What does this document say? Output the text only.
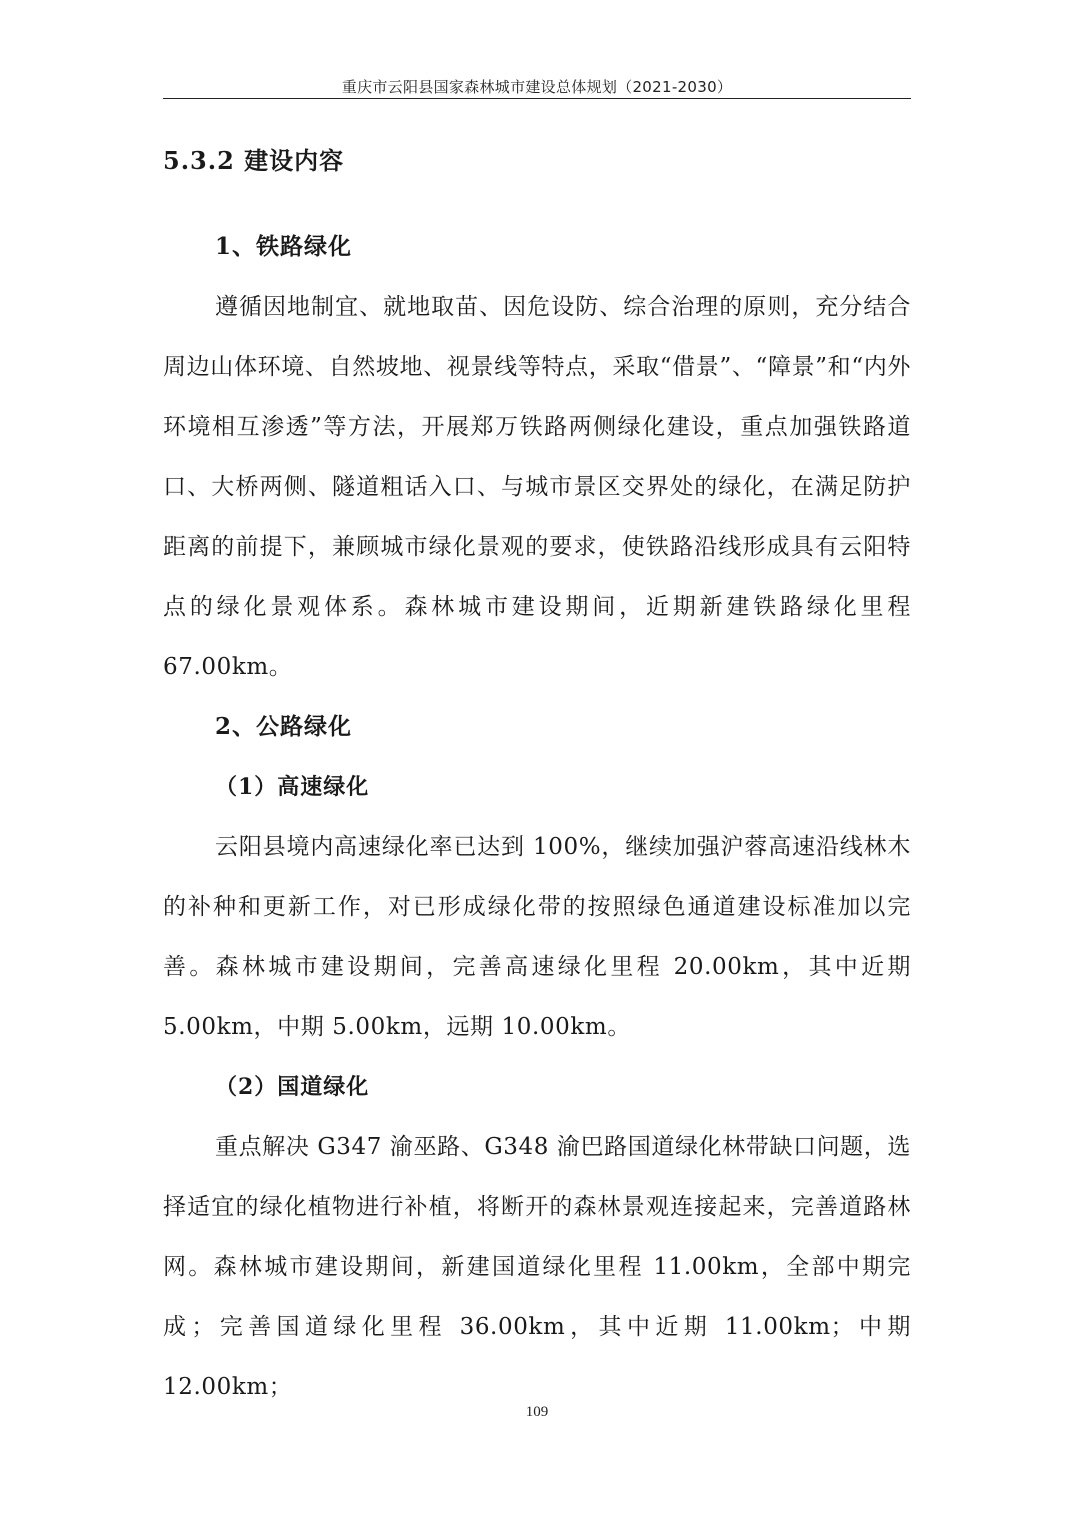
重庆市云阳县国家森林城市建设总体规划（2021-2030）
5.3.2 建设内容
1、铁路绿化

遵循因地制宜、就地取苗、因危设防、综合治理的原则，充分结合周边山体环境、自然坡地、视景线等特点，采取“借景”、“障景”和“内外环境相互渗透”等方法，开展郑万铁路两侧绿化建设，重点加强铁路道口、大桥两侧、隧道粗话入口、与城市景区交界处的绿化，在满足防护距离的前提下，兼顾城市绿化景观的要求，使铁路沿线形成具有云阳特点的绿化景观体系。森林城市建设期间，近期新建铁路绿化里程 67.00km。

2、公路绿化
（1）高速绿化

云阳县境内高速绿化率已达到 100%，继续加强沪蓉高速沿线林木的补种和更新工作，对已形成绿化带的按照绿色通道建设标准加以完善。森林城市建设期间，完善高速绿化里程 20.00km，其中近期 5.00km，中期 5.00km，远期 10.00km。

（2）国道绿化

重点解决 G347 渝巫路、G348 渝巴路国道绿化林带缺口问题，选择适宜的绿化植物进行补植，将断开的森林景观连接起来，完善道路林网。森林城市建设期间，新建国道绿化里程 11.00km，全部中期完成；完善国道绿化里程 36.00km，其中近期 11.00km；中期 12.00km；

109
